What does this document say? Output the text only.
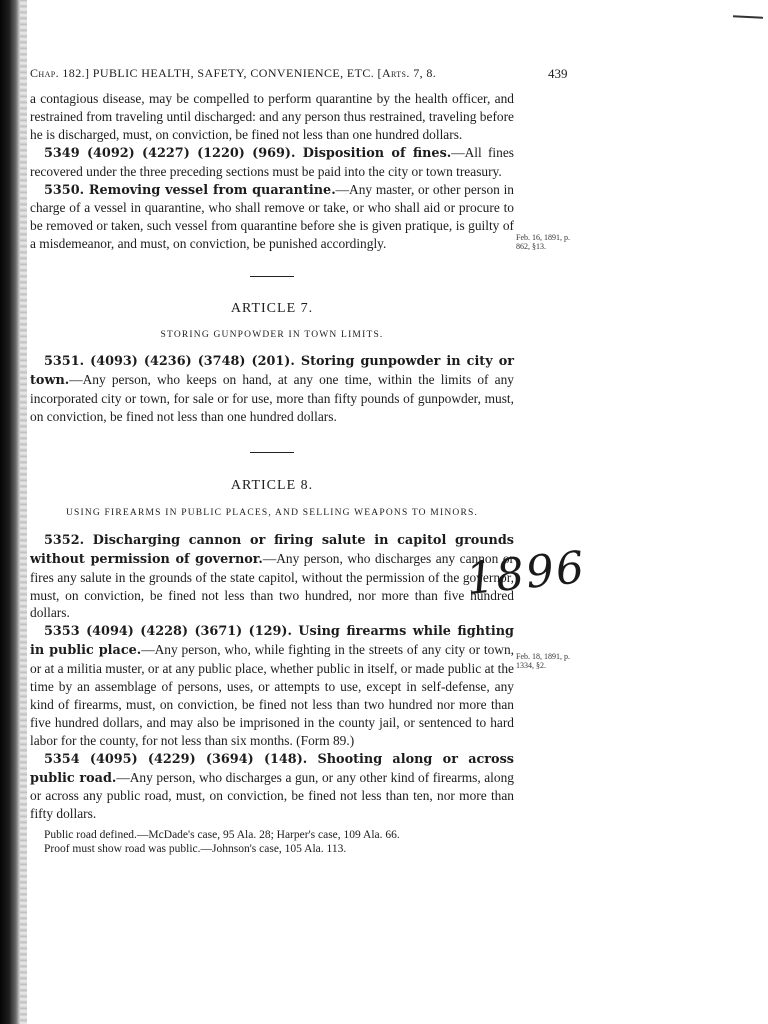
Chap. 182.] PUBLIC HEALTH, SAFETY, CONVENIENCE, ETC. [Arts. 7, 8.	439

a contagious disease, may be compelled to perform quarantine by the health officer, and restrained from traveling until discharged: and any person thus restrained, traveling before he is discharged, must, on conviction, be fined not less than one hundred dollars.

5349 (4092) (4227) (1220) (969). Disposition of fines.—All fines recovered under the three preceding sections must be paid into the city or town treasury.

5350. Removing vessel from quarantine.—Any master, or other person in charge of a vessel in quarantine, who shall remove or take, or who shall aid or procure to be removed or taken, such vessel from quarantine before she is given pratique, is guilty of a misdemeanor, and must, on conviction, be punished accordingly.

ARTICLE 7.
STORING GUNPOWDER IN TOWN LIMITS.

5351. (4093) (4236) (3748) (201). Storing gunpowder in city or town.—Any person, who keeps on hand, at any one time, within the limits of any incorporated city or town, for sale or for use, more than fifty pounds of gunpowder, must, on conviction, be fined not less than one hundred dollars.

ARTICLE 8.
USING FIREARMS IN PUBLIC PLACES, AND SELLING WEAPONS TO MINORS.

5352. Discharging cannon or firing salute in capitol grounds without permission of governor.—Any person, who discharges any cannon or fires any salute in the grounds of the state capitol, without the permission of the governor, must, on conviction, be fined not less than two hundred, nor more than five hundred dollars.

5353 (4094) (4228) (3671) (129). Using firearms while fighting in public place.—Any person, who, while fighting in the streets of any city or town, or at a militia muster, or at any public place, whether public in itself, or made public at the time by an assemblage of persons, uses, or attempts to use, except in self-defense, any kind of firearms, must, on conviction, be fined not less than two hundred nor more than five hundred dollars, and may also be imprisoned in the county jail, or sentenced to hard labor for the county, for not less than six months. (Form 89.)

5354 (4095) (4229) (3694) (148). Shooting along or across public road.—Any person, who discharges a gun, or any other kind of firearms, along or across any public road, must, on conviction, be fined not less than ten, nor more than fifty dollars.

Public road defined.—McDade's case, 95 Ala. 28; Harper's case, 109 Ala. 66.

Proof must show road was public.—Johnson's case, 105 Ala. 113.

Feb. 16, 1891, p. 862, §13.
Feb. 18, 1891, p. 1334, §2.
1896
